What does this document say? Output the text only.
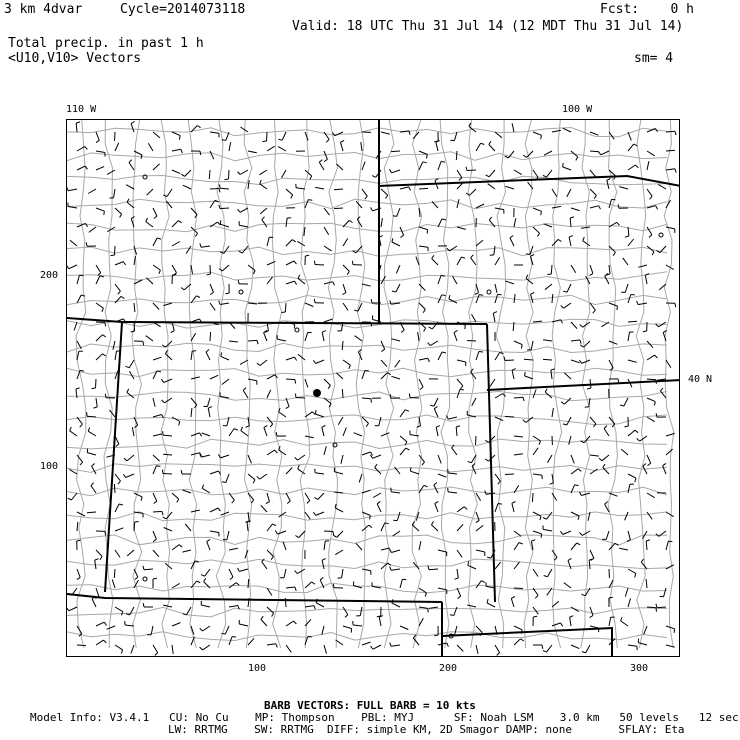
3 km 4dvar	Cycle=2014073118	Fcst:    0 h
Valid: 18 UTC Thu 31 Jul 14 (12 MDT Thu 31 Jul 14)
Total precip. in past 1 h
<U10,V10> Vectors	sm= 4
110 W	100 W
40 N
200
100
100	200	300
BARB VECTORS: FULL BARB = 10 kts
Model Info: V3.4.1   CU: No Cu    MP: Thompson    PBL: MYJ      SF: Noah LSM    3.0 km   50 levels   12 sec
LW: RRTMG    SW: RRTMG  DIFF: simple KM, 2D Smagor DAMP: none       SFLAY: Eta
